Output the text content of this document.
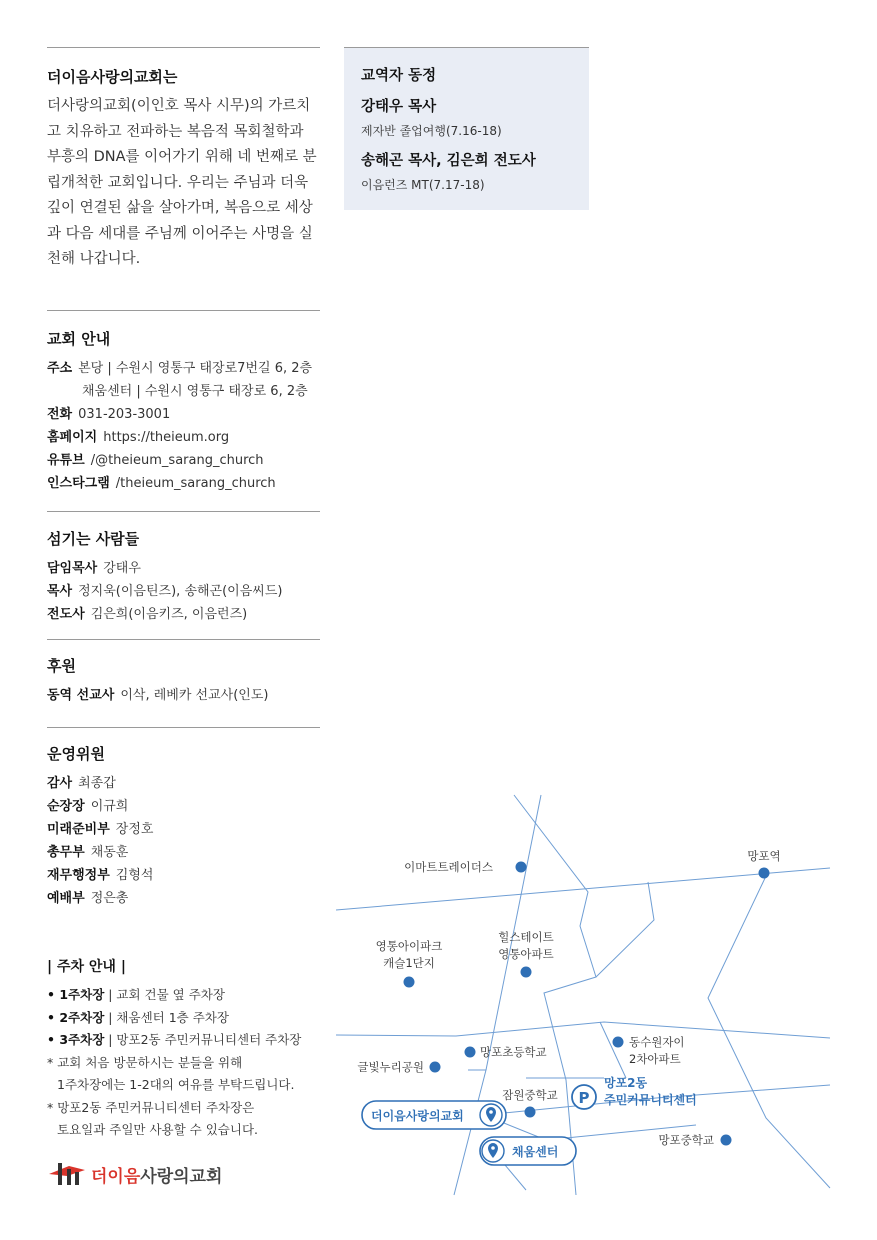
더이음사랑의교회는

더사랑의교회(이인호 목사 시무)의 가르치고 치유하고 전파하는 복음적 목회철학과 부흥의 DNA를 이어가기 위해 네 번째로 분립개척한 교회입니다. 우리는 주님과 더욱 깊이 연결된 삶을 살아가며, 복음으로 세상과 다음 세대를 주님께 이어주는 사명을 실천해 나갑니다.

교회 안내
주소 본당 | 수원시 영통구 태장로7번길 6, 2층
채움센터 | 수원시 영통구 태장로 6, 2층
전화 031-203-3001
홈페이지 https://theieum.org
유튜브 /@theieum_sarang_church
인스타그램 /theieum_sarang_church
섬기는 사람들
담임목사 강태우
목사 정지욱(이음틴즈), 송해곤(이음씨드)
전도사 김은희(이음키즈, 이음런즈)
후원
동역 선교사 이삭, 레베카 선교사(인도)
운영위원
감사 최종갑
순장장 이규희
미래준비부 장정호
총무부 채동훈
재무행정부 김형석
예배부 정은총
교역자 동정
강태우 목사
제자반 졸업여행(7.16-18)
송해곤 목사, 김은희 전도사
이음런즈 MT(7.17-18)
| 주차 안내 |
• 1주차장 | 교회 건물 옆 주차장
• 2주차장 | 채움센터 1층 주차장
• 3주차장 | 망포2동 주민커뮤니티센터 주차장
* 교회 처음 방문하시는 분들을 위해
1주차장에는 1-2대의 여유를 부탁드립니다.
* 망포2동 주민커뮤니티센터 주차장은
토요일과 주일만 사용할 수 있습니다.
더이음사랑의교회
이마트트레이더스
망포역
영통아이파크
캐슬1단지
힐스테이트
영통아파트
망포초등학교
동수원자이
2차아파트
글빛누리공원
잠원중학교
망포중학교
P
망포2동
주민커뮤니티센터
더이음사랑의교회
채움센터
